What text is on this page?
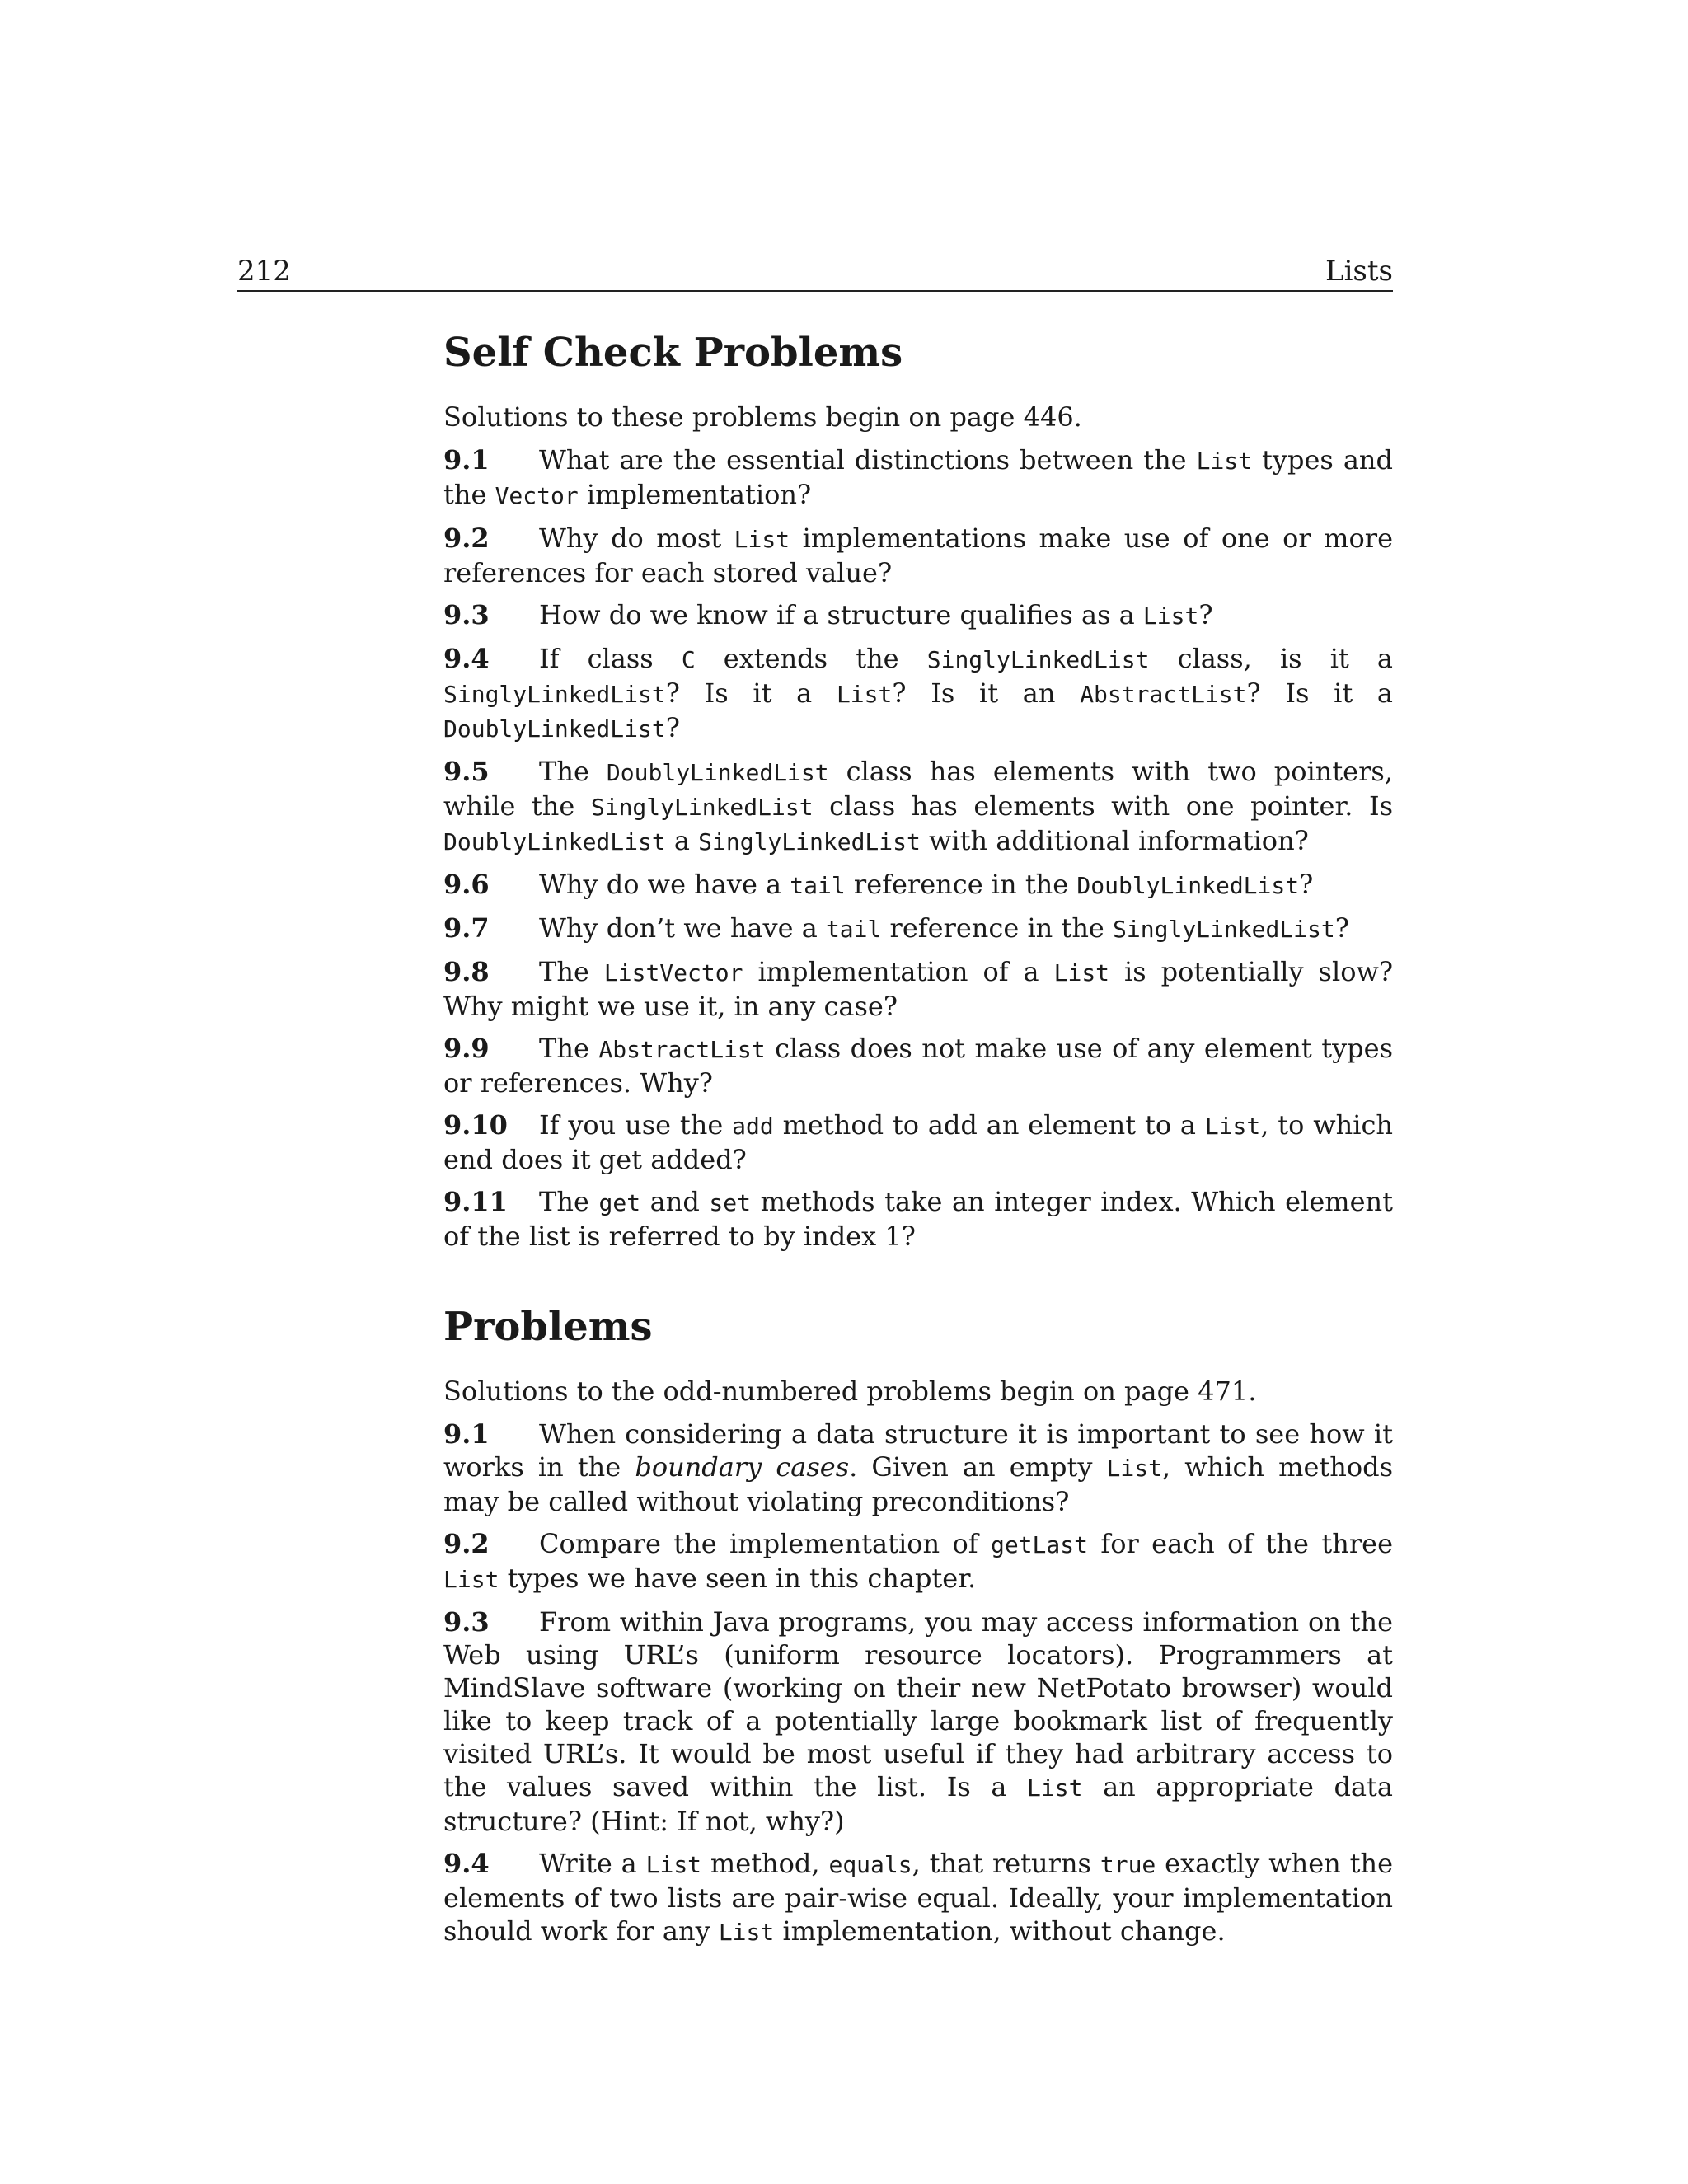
212	Lists
Self Check Problems

Solutions to these problems begin on page 446.

9.1 What are the essential distinctions between the List types and the Vector implementation?

9.2 Why do most List implementations make use of one or more references for each stored value?

9.3 How do we know if a structure qualifies as a List?

9.4 If class C extends the SinglyLinkedList class, is it a SinglyLinkedList? Is it a List? Is it an AbstractList? Is it a DoublyLinkedList?

9.5 The DoublyLinkedList class has elements with two pointers, while the SinglyLinkedList class has elements with one pointer. Is DoublyLinkedList a SinglyLinkedList with additional information?

9.6 Why do we have a tail reference in the DoublyLinkedList?

9.7 Why don’t we have a tail reference in the SinglyLinkedList?

9.8 The ListVector implementation of a List is potentially slow? Why might we use it, in any case?

9.9 The AbstractList class does not make use of any element types or references. Why?

9.10 If you use the add method to add an element to a List, to which end does it get added?

9.11 The get and set methods take an integer index. Which element of the list is referred to by index 1?

Problems

Solutions to the odd-numbered problems begin on page 471.

9.1 When considering a data structure it is important to see how it works in the boundary cases. Given an empty List, which methods may be called without violating preconditions?

9.2 Compare the implementation of getLast for each of the three List types we have seen in this chapter.

9.3 From within Java programs, you may access information on the Web using URL’s (uniform resource locators). Programmers at MindSlave software (working on their new NetPotato browser) would like to keep track of a potentially large bookmark list of frequently visited URL’s. It would be most useful if they had arbitrary access to the values saved within the list. Is a List an appropriate data structure? (Hint: If not, why?)

9.4 Write a List method, equals, that returns true exactly when the elements of two lists are pair-wise equal. Ideally, your implementation should work for any List implementation, without change.
